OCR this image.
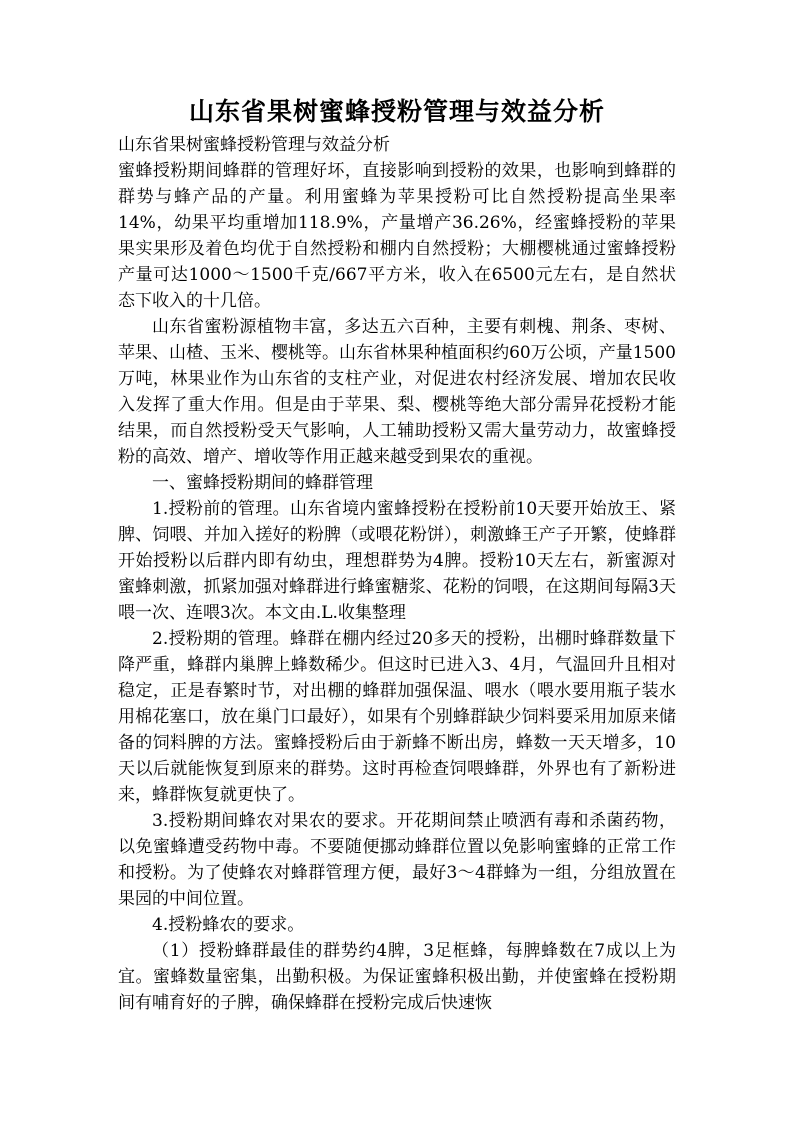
山东省果树蜜蜂授粉管理与效益分析

山东省果树蜜蜂授粉管理与效益分析

蜜蜂授粉期间蜂群的管理好坏，直接影响到授粉的效果，也影响到蜂群的群势与蜂产品的产量。利用蜜蜂为苹果授粉可比自然授粉提高坐果率14%，幼果平均重增加118.9%，产量增产36.26%，经蜜蜂授粉的苹果果实果形及着色均优于自然授粉和棚内自然授粉；大棚樱桃通过蜜蜂授粉产量可达1000～1500千克/667平方米，收入在6500元左右，是自然状态下收入的十几倍。

山东省蜜粉源植物丰富，多达五六百种，主要有刺槐、荆条、枣树、苹果、山楂、玉米、樱桃等。山东省林果种植面积约60万公顷，产量1500万吨，林果业作为山东省的支柱产业，对促进农村经济发展、增加农民收入发挥了重大作用。但是由于苹果、梨、樱桃等绝大部分需异花授粉才能结果，而自然授粉受天气影响，人工辅助授粉又需大量劳动力，故蜜蜂授粉的高效、增产、增收等作用正越来越受到果农的重视。

一、蜜蜂授粉期间的蜂群管理

1.授粉前的管理。山东省境内蜜蜂授粉在授粉前10天要开始放王、紧脾、饲喂、并加入搓好的粉脾（或喂花粉饼），刺激蜂王产子开繁，使蜂群开始授粉以后群内即有幼虫，理想群势为4脾。授粉10天左右，新蜜源对蜜蜂刺激，抓紧加强对蜂群进行蜂蜜糖浆、花粉的饲喂，在这期间每隔3天喂一次、连喂3次。本文由.L.收集整理

2.授粉期的管理。蜂群在棚内经过20多天的授粉，出棚时蜂群数量下降严重，蜂群内巢脾上蜂数稀少。但这时已进入3、4月，气温回升且相对稳定，正是春繁时节，对出棚的蜂群加强保温、喂水（喂水要用瓶子装水用棉花塞口，放在巢门口最好），如果有个别蜂群缺少饲料要采用加原来储备的饲料脾的方法。蜜蜂授粉后由于新蜂不断出房，蜂数一天天增多，10天以后就能恢复到原来的群势。这时再检查饲喂蜂群，外界也有了新粉进来，蜂群恢复就更快了。

3.授粉期间蜂农对果农的要求。开花期间禁止喷洒有毒和杀菌药物，以免蜜蜂遭受药物中毒。不要随便挪动蜂群位置以免影响蜜蜂的正常工作和授粉。为了使蜂农对蜂群管理方便，最好3～4群蜂为一组，分组放置在果园的中间位置。

4.授粉蜂农的要求。

（1）授粉蜂群最佳的群势约4脾，3足框蜂，每脾蜂数在7成以上为宜。蜜蜂数量密集，出勤积极。为保证蜜蜂积极出勤，并使蜜蜂在授粉期间有哺育好的子脾，确保蜂群在授粉完成后快速恢
